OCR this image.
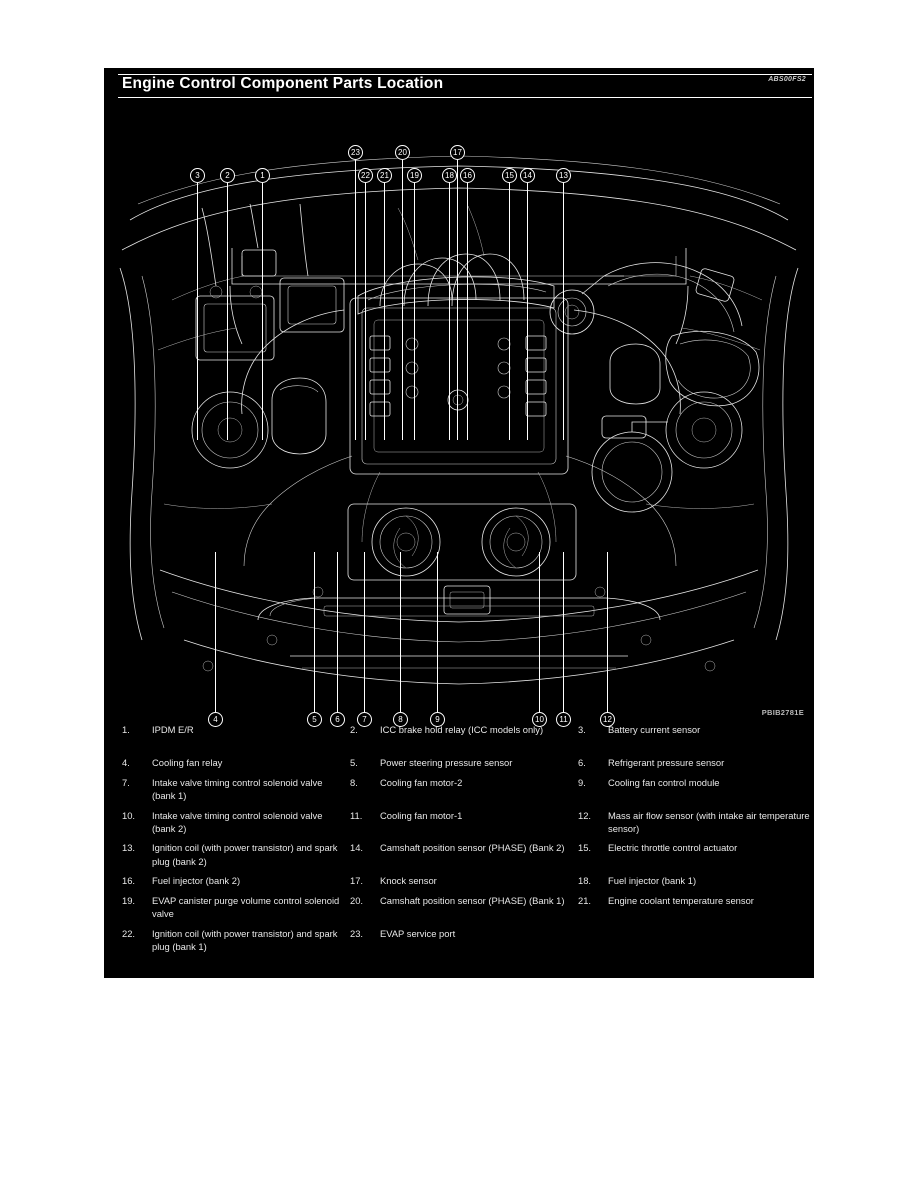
Engine Control Component Parts Location	ABS00FS2
3	2	1
23
22	21
20
19
17
18	16	15	14	13
4	5	6	7	8	9	10	11	12
PBIB2781E
1.	IPDM E/R	2.	ICC brake hold relay (ICC models only)	3.	Battery current sensor
4.	Cooling fan relay	5.	Power steering pressure sensor	6.	Refrigerant pressure sensor
7.	Intake valve timing control solenoid valve (bank 1)
8.	Cooling fan motor-2	9.	Cooling fan control module
10.	Intake valve timing control solenoid valve (bank 2)
11.	Cooling fan motor-1	12.	Mass air flow sensor (with intake air temperature sensor)
13.	Ignition coil (with power transistor) and spark plug (bank 2)
14.	Camshaft position sensor (PHASE) (Bank 2)	15.	Electric throttle control actuator
16.	Fuel injector (bank 2)	17.	Knock sensor	18.	Fuel injector (bank 1)
19.	EVAP canister purge volume control solenoid valve
20.	Camshaft position sensor (PHASE) (Bank 1)	21.	Engine coolant temperature sensor
22.	Ignition coil (with power transistor) and spark plug (bank 1)
23.	EVAP service port
